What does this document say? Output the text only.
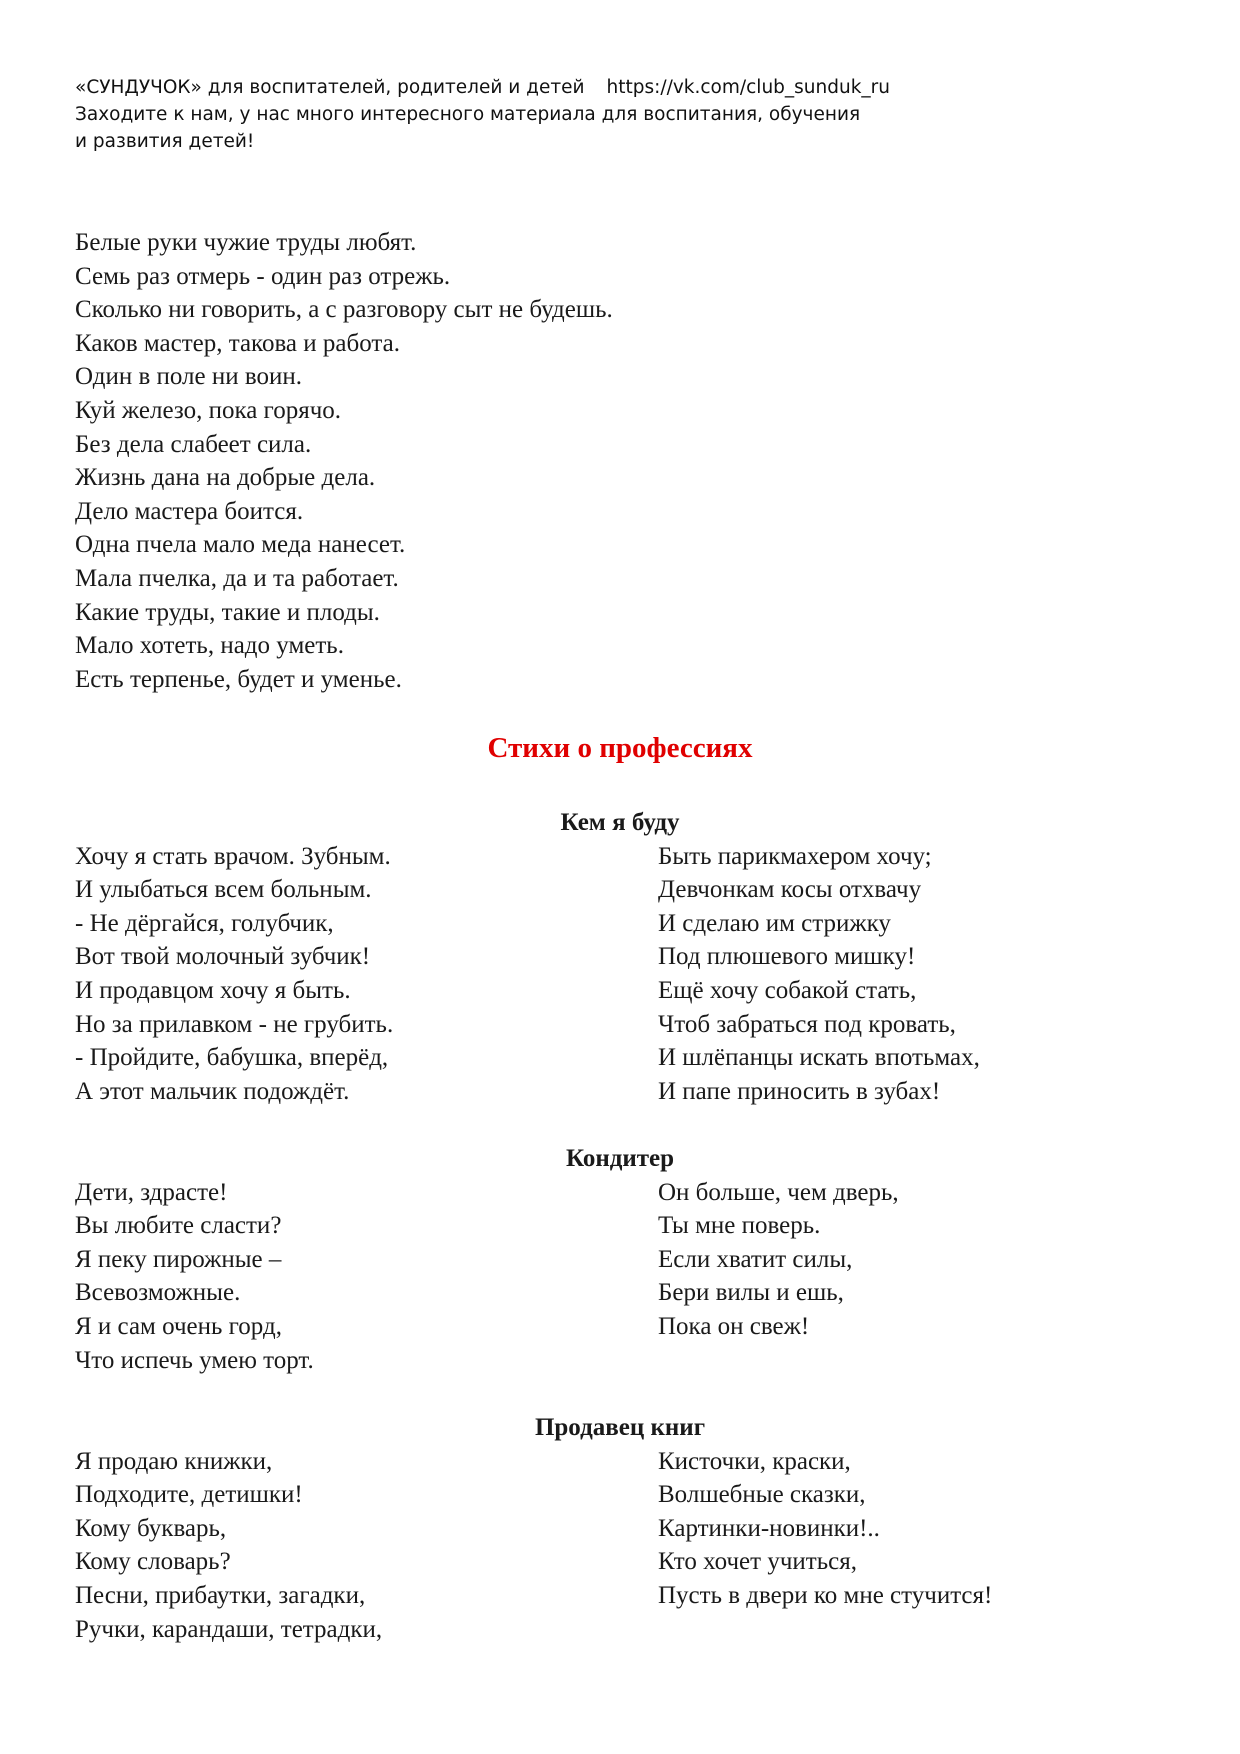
«СУНДУЧОК» для воспитателей, родителей и детей https://vk.com/club_sunduk_ru
Заходите к нам, у нас много интересного материала для воспитания, обучения
и развития детей!
Белые руки чужие труды любят.
Семь раз отмерь - один раз отрежь.
Сколько ни говорить, а с разговору сыт не будешь.
Каков мастер, такова и работа.
Один в поле ни воин.
Куй железо, пока горячо.
Без дела слабеет сила.
Жизнь дана на добрые дела.
Дело мастера боится.
Одна пчела мало меда нанесет.
Мала пчелка, да и та работает.
Какие труды, такие и плоды.
Мало хотеть, надо уметь.
Есть терпенье, будет и уменье.
Стихи о профессиях
Кем я буду
Хочу я стать врачом. Зубным.
И улыбаться всем больным.
- Не дёргайся, голубчик,
Вот твой молочный зубчик!
И продавцом хочу я быть.
Но за прилавком - не грубить.
- Пройдите, бабушка, вперёд,
А этот мальчик подождёт.
Быть парикмахером хочу;
Девчонкам косы отхвачу
И сделаю им стрижку
Под плюшевого мишку!
Ещё хочу собакой стать,
Чтоб забраться под кровать,
И шлёпанцы искать впотьмах,
И папе приносить в зубах!
Кондитер
Дети, здрасте!
Вы любите сласти?
Я пеку пирожные –
Всевозможные.
Я и сам очень горд,
Что испечь умею торт.
Он больше, чем дверь,
Ты мне поверь.
Если хватит силы,
Бери вилы и ешь,
Пока он свеж!
Продавец книг
Я продаю книжки,
Подходите, детишки!
Кому букварь,
Кому словарь?
Песни, прибаутки, загадки,
Ручки, карандаши, тетрадки,
Кисточки, краски,
Волшебные сказки,
Картинки-новинки!..
Кто хочет учиться,
Пусть в двери ко мне стучится!
